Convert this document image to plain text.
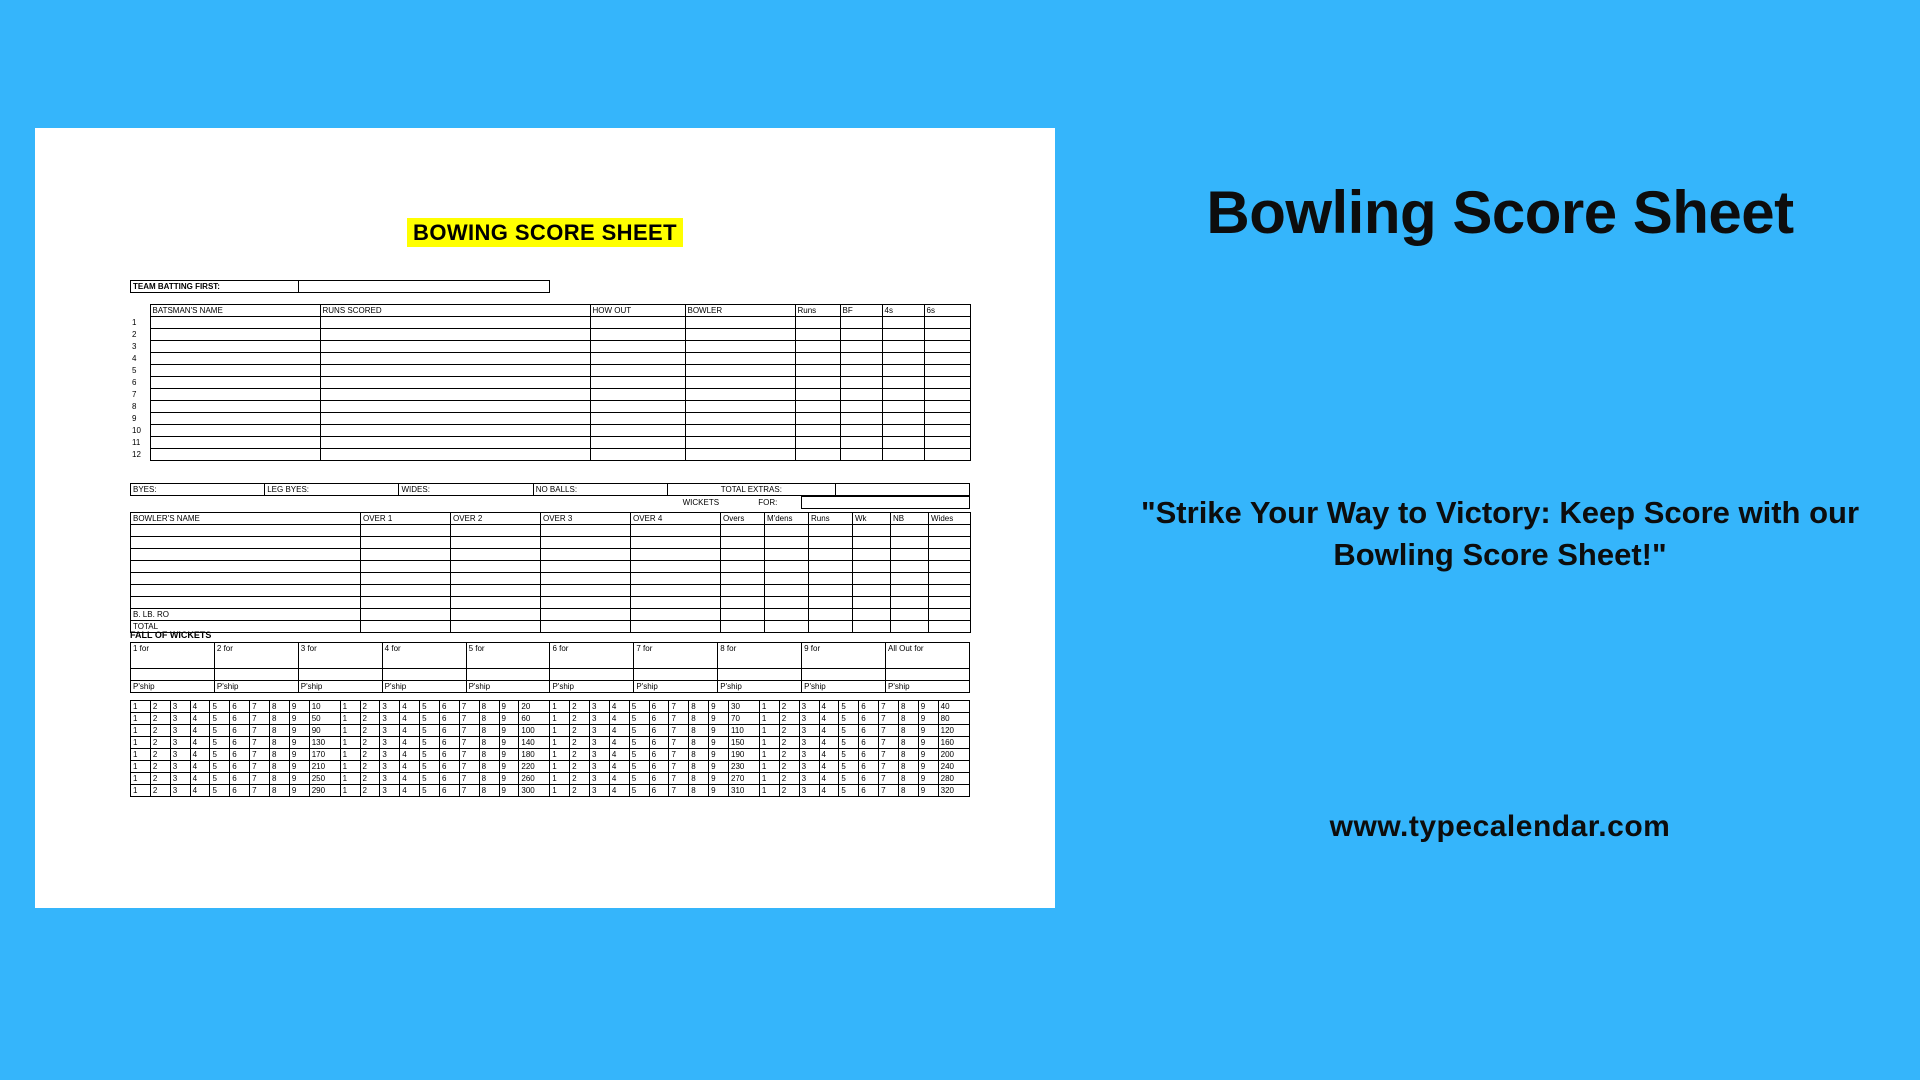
BOWING SCORE SHEET
TEAM BATTING FIRST:	
	BATSMAN'S NAME	RUNS SCORED	HOW OUT	BOWLER	Runs	BF	4s	6s
1								
2								
3								
4								
5								
6								
7								
8								
9								
10								
11								
12								
BYES:	LEG BYES:	WIDES:	NO BALLS:	TOTAL EXTRAS:	
	WICKETS	FOR:	
BOWLER'S NAME	OVER 1	OVER 2	OVER 3	OVER 4	Overs	M'dens	Runs	Wk	NB	Wides

B. LB. RO										
TOTAL										
FALL OF WICKETS
1 for	2 for	3 for	4 for	5 for	6 for	7 for	8 for	9 for	All Out for

P'ship	P'ship	P'ship	P'ship	P'ship	P'ship	P'ship	P'ship	P'ship	P'ship
1	2	3	4	5	6	7	8	9	10	1	2	3	4	5	6	7	8	9	20	1	2	3	4	5	6	7	8	9	30	1	2	3	4	5	6	7	8	9	40
1	2	3	4	5	6	7	8	9	50	1	2	3	4	5	6	7	8	9	60	1	2	3	4	5	6	7	8	9	70	1	2	3	4	5	6	7	8	9	80
1	2	3	4	5	6	7	8	9	90	1	2	3	4	5	6	7	8	9	100	1	2	3	4	5	6	7	8	9	110	1	2	3	4	5	6	7	8	9	120
1	2	3	4	5	6	7	8	9	130	1	2	3	4	5	6	7	8	9	140	1	2	3	4	5	6	7	8	9	150	1	2	3	4	5	6	7	8	9	160
1	2	3	4	5	6	7	8	9	170	1	2	3	4	5	6	7	8	9	180	1	2	3	4	5	6	7	8	9	190	1	2	3	4	5	6	7	8	9	200
1	2	3	4	5	6	7	8	9	210	1	2	3	4	5	6	7	8	9	220	1	2	3	4	5	6	7	8	9	230	1	2	3	4	5	6	7	8	9	240
1	2	3	4	5	6	7	8	9	250	1	2	3	4	5	6	7	8	9	260	1	2	3	4	5	6	7	8	9	270	1	2	3	4	5	6	7	8	9	280
1	2	3	4	5	6	7	8	9	290	1	2	3	4	5	6	7	8	9	300	1	2	3	4	5	6	7	8	9	310	1	2	3	4	5	6	7	8	9	320
Bowling Score Sheet
"Strike Your Way to Victory: Keep Score with our Bowling Score Sheet!"
www.typecalendar.com
